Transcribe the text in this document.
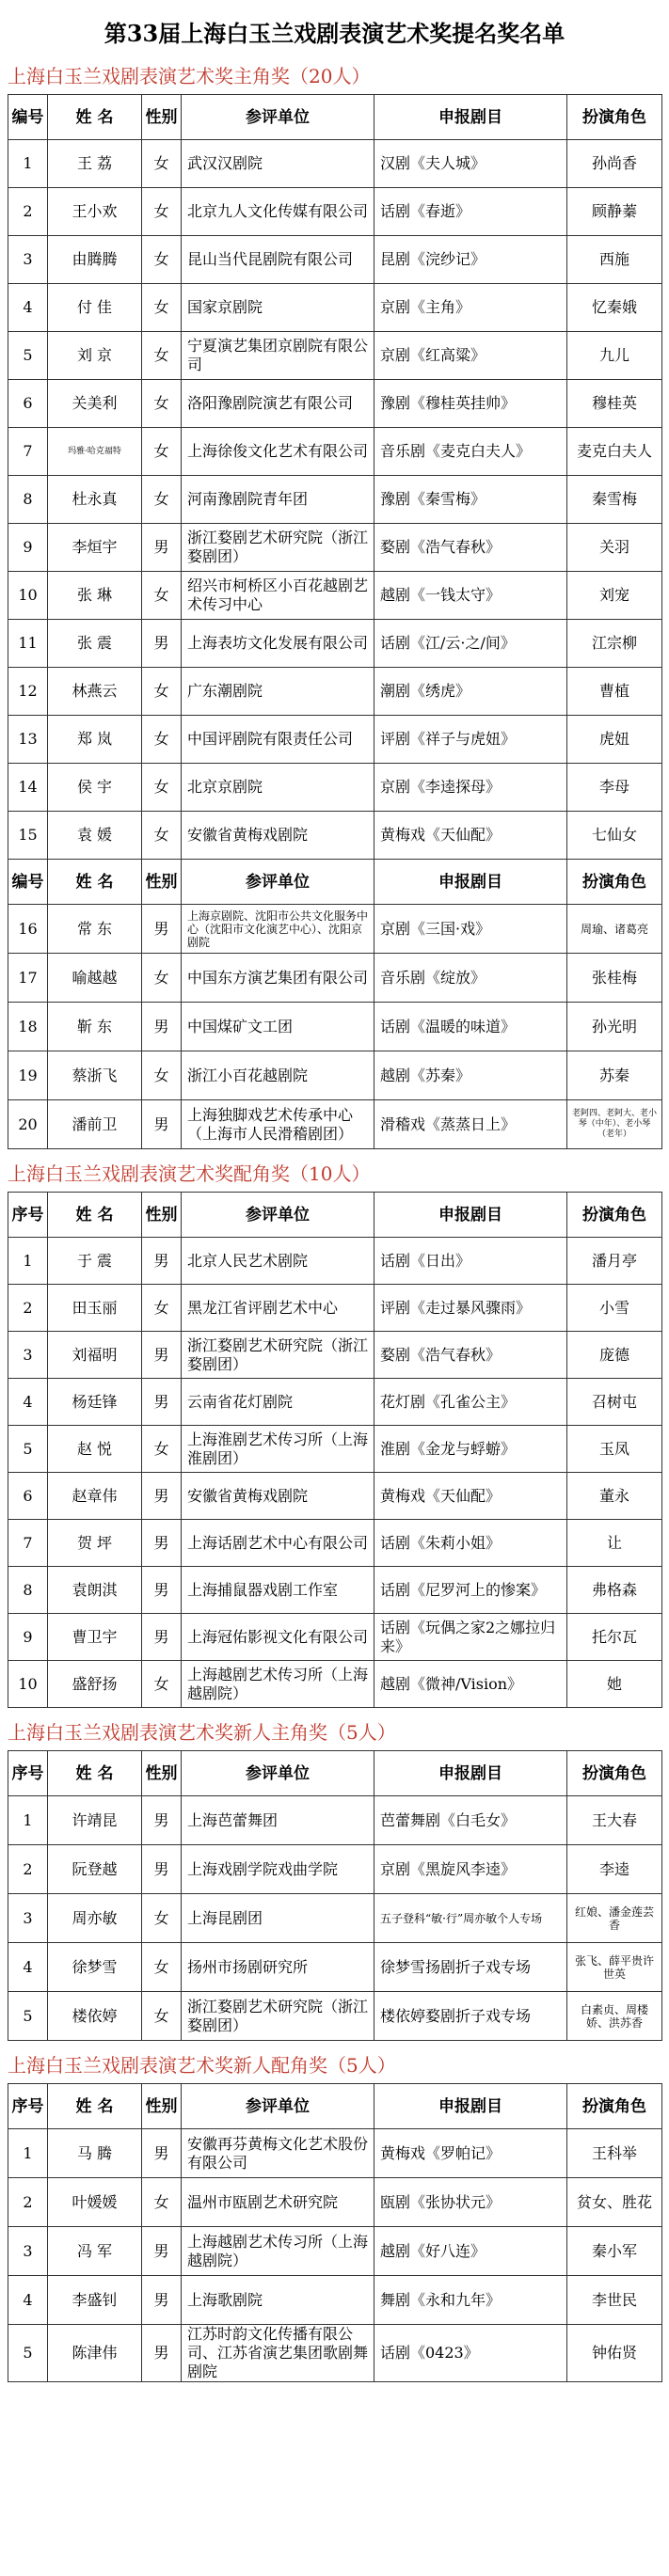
第33届上海白玉兰戏剧表演艺术奖提名奖名单
上海白玉兰戏剧表演艺术奖主角奖（20人）
编号	姓 名	性别	参评单位	申报剧目	扮演角色
1	王 荔	女	武汉汉剧院	汉剧《夫人城》	孙尚香
2	王小欢	女	北京九人文化传媒有限公司	话剧《春逝》	顾静蓁
3	由腾腾	女	昆山当代昆剧院有限公司	昆剧《浣纱记》	西施
4	付 佳	女	国家京剧院	京剧《主角》	忆秦娥
5	刘 京	女	宁夏演艺集团京剧院有限公司	京剧《红高粱》	九儿
6	关美利	女	洛阳豫剧院演艺有限公司	豫剧《穆桂英挂帅》	穆桂英
7	玛雅·哈克福特	女	上海徐俊文化艺术有限公司	音乐剧《麦克白夫人》	麦克白夫人
8	杜永真	女	河南豫剧院青年团	豫剧《秦雪梅》	秦雪梅
9	李烜宇	男	浙江婺剧艺术研究院（浙江婺剧团）	婺剧《浩气春秋》	关羽
10	张 琳	女	绍兴市柯桥区小百花越剧艺术传习中心	越剧《一钱太守》	刘宠
11	张 震	男	上海表坊文化发展有限公司	话剧《江/云·之/间》	江宗柳
12	林燕云	女	广东潮剧院	潮剧《绣虎》	曹植
13	郑 岚	女	中国评剧院有限责任公司	评剧《祥子与虎妞》	虎妞
14	侯 宇	女	北京京剧院	京剧《李逵探母》	李母
15	袁 媛	女	安徽省黄梅戏剧院	黄梅戏《天仙配》	七仙女
编号	姓 名	性别	参评单位	申报剧目	扮演角色
16	常 东	男	上海京剧院、沈阳市公共文化服务中心（沈阳市文化演艺中心）、沈阳京剧院	京剧《三国·戏》	周瑜、诸葛亮
17	喻越越	女	中国东方演艺集团有限公司	音乐剧《绽放》	张桂梅
18	靳 东	男	中国煤矿文工团	话剧《温暖的味道》	孙光明
19	蔡浙飞	女	浙江小百花越剧院	越剧《苏秦》	苏秦
20	潘前卫	男	上海独脚戏艺术传承中心（上海市人民滑稽剧团）	滑稽戏《蒸蒸日上》	老阿四、老阿大、老小琴（中年）、老小琴（老年）
上海白玉兰戏剧表演艺术奖配角奖（10人）
序号	姓 名	性别	参评单位	申报剧目	扮演角色
1	于 震	男	北京人民艺术剧院	话剧《日出》	潘月亭
2	田玉丽	女	黑龙江省评剧艺术中心	评剧《走过暴风骤雨》	小雪
3	刘福明	男	浙江婺剧艺术研究院（浙江婺剧团）	婺剧《浩气春秋》	庞德
4	杨廷锋	男	云南省花灯剧院	花灯剧《孔雀公主》	召树屯
5	赵 悦	女	上海淮剧艺术传习所（上海淮剧团）	淮剧《金龙与蜉蝣》	玉凤
6	赵章伟	男	安徽省黄梅戏剧院	黄梅戏《天仙配》	董永
7	贺 坪	男	上海话剧艺术中心有限公司	话剧《朱莉小姐》	让
8	袁朗淇	男	上海捕鼠器戏剧工作室	话剧《尼罗河上的惨案》	弗格森
9	曹卫宇	男	上海冠佑影视文化有限公司	话剧《玩偶之家2之娜拉归来》	托尔瓦
10	盛舒扬	女	上海越剧艺术传习所（上海越剧院）	越剧《微神/Vision》	她
上海白玉兰戏剧表演艺术奖新人主角奖（5人）
序号	姓 名	性别	参评单位	申报剧目	扮演角色
1	许靖昆	男	上海芭蕾舞团	芭蕾舞剧《白毛女》	王大春
2	阮登越	男	上海戏剧学院戏曲学院	京剧《黑旋风李逵》	李逵
3	周亦敏	女	上海昆剧团	五子登科“敏·行”周亦敏个人专场	红娘、潘金莲芸香
4	徐梦雪	女	扬州市扬剧研究所	徐梦雪扬剧折子戏专场	张飞、薛平贵许世英
5	楼依婷	女	浙江婺剧艺术研究院（浙江婺剧团）	楼依婷婺剧折子戏专场	白素贞、周楼娇、洪苏香
上海白玉兰戏剧表演艺术奖新人配角奖（5人）
序号	姓 名	性别	参评单位	申报剧目	扮演角色
1	马 腾	男	安徽再芬黄梅文化艺术股份有限公司	黄梅戏《罗帕记》	王科举
2	叶媛媛	女	温州市瓯剧艺术研究院	瓯剧《张协状元》	贫女、胜花
3	冯 军	男	上海越剧艺术传习所（上海越剧院）	越剧《好八连》	秦小军
4	李盛钊	男	上海歌剧院	舞剧《永和九年》	李世民
5	陈津伟	男	江苏时韵文化传播有限公司、江苏省演艺集团歌剧舞剧院	话剧《0423》	钟佑贤
